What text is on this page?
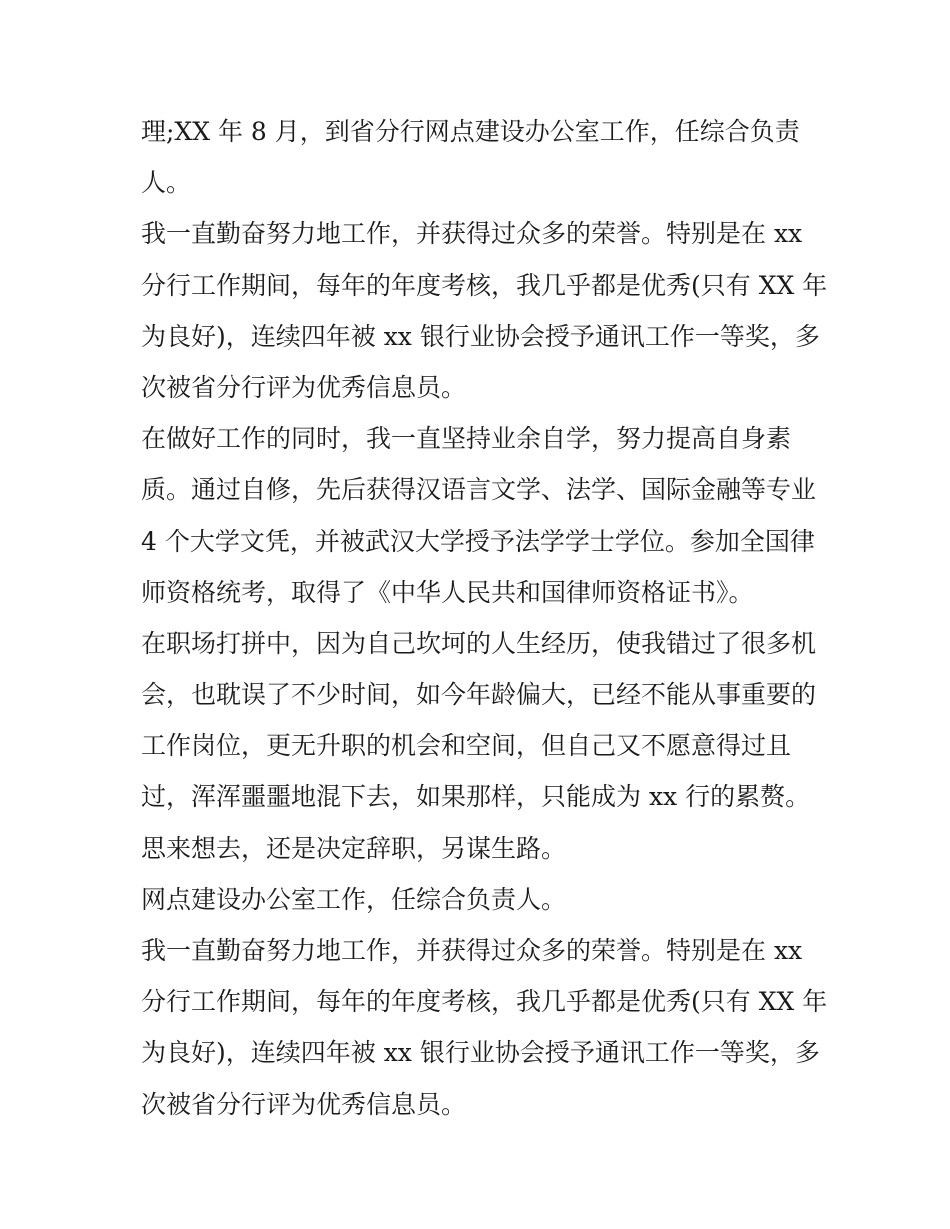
理;XX 年 8 月，到省分行网点建设办公室工作，任综合负责
人。
我一直勤奋努力地工作，并获得过众多的荣誉。特别是在 xx
分行工作期间，每年的年度考核，我几乎都是优秀(只有 XX 年
为良好)，连续四年被 xx 银行业协会授予通讯工作一等奖，多
次被省分行评为优秀信息员。
在做好工作的同时，我一直坚持业余自学，努力提高自身素
质。通过自修，先后获得汉语言文学、法学、国际金融等专业
4 个大学文凭，并被武汉大学授予法学学士学位。参加全国律
师资格统考，取得了《中华人民共和国律师资格证书》。
在职场打拼中，因为自己坎坷的人生经历，使我错过了很多机
会，也耽误了不少时间，如今年龄偏大，已经不能从事重要的
工作岗位，更无升职的机会和空间，但自己又不愿意得过且
过，浑浑噩噩地混下去，如果那样，只能成为 xx 行的累赘。
思来想去，还是决定辞职，另谋生路。
网点建设办公室工作，任综合负责人。
我一直勤奋努力地工作，并获得过众多的荣誉。特别是在 xx
分行工作期间，每年的年度考核，我几乎都是优秀(只有 XX 年
为良好)，连续四年被 xx 银行业协会授予通讯工作一等奖，多
次被省分行评为优秀信息员。
